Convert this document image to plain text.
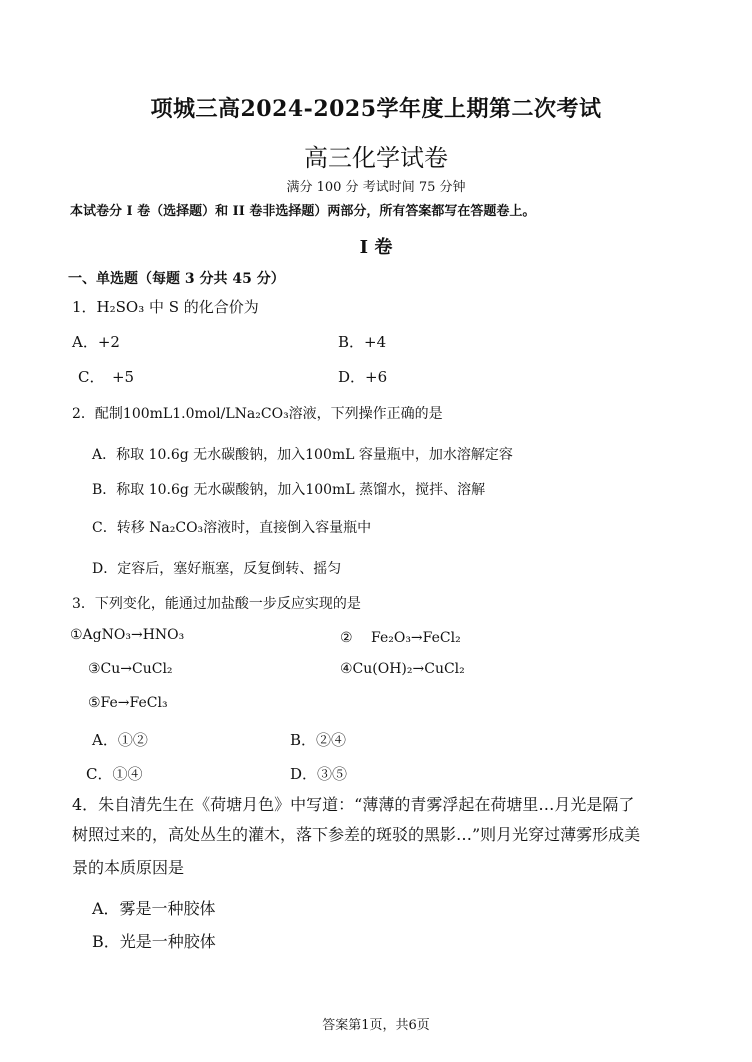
项城三高2024-2025学年度上期第二次考试
高三化学试卷
满分 100 分 考试时间 75 分钟
本试卷分 I 卷（选择题）和 II 卷非选择题）两部分，所有答案都写在答题卷上。
I 卷
一、单选题（每题 3 分共 45 分）
1．H₂SO₃ 中 S 的化合价为
A．+2	B．+4
C．　+5	D．+6
2．配制100mL1.0mol/LNa₂CO₃溶液，下列操作正确的是
A．称取 10.6g 无水碳酸钠，加入100mL 容量瓶中，加水溶解定容
B．称取 10.6g 无水碳酸钠，加入100mL 蒸馏水，搅拌、溶解
C．转移 Na₂CO₃溶液时，直接倒入容量瓶中
D．定容后，塞好瓶塞，反复倒转、摇匀
3．下列变化，能通过加盐酸一步反应实现的是
①AgNO₃→HNO₃	②　 Fe₂O₃→FeCl₂
③Cu→CuCl₂	④Cu(OH)₂→CuCl₂
⑤Fe→FeCl₃
A．①②	B．②④
C．①④	D．③⑤
4．朱自清先生在《荷塘月色》中写道：“薄薄的青雾浮起在荷塘里…月光是隔了
树照过来的，高处丛生的灌木，落下参差的斑驳的黑影…”则月光穿过薄雾形成美
景的本质原因是
A．雾是一种胶体
B．光是一种胶体
答案第1页，共6页
